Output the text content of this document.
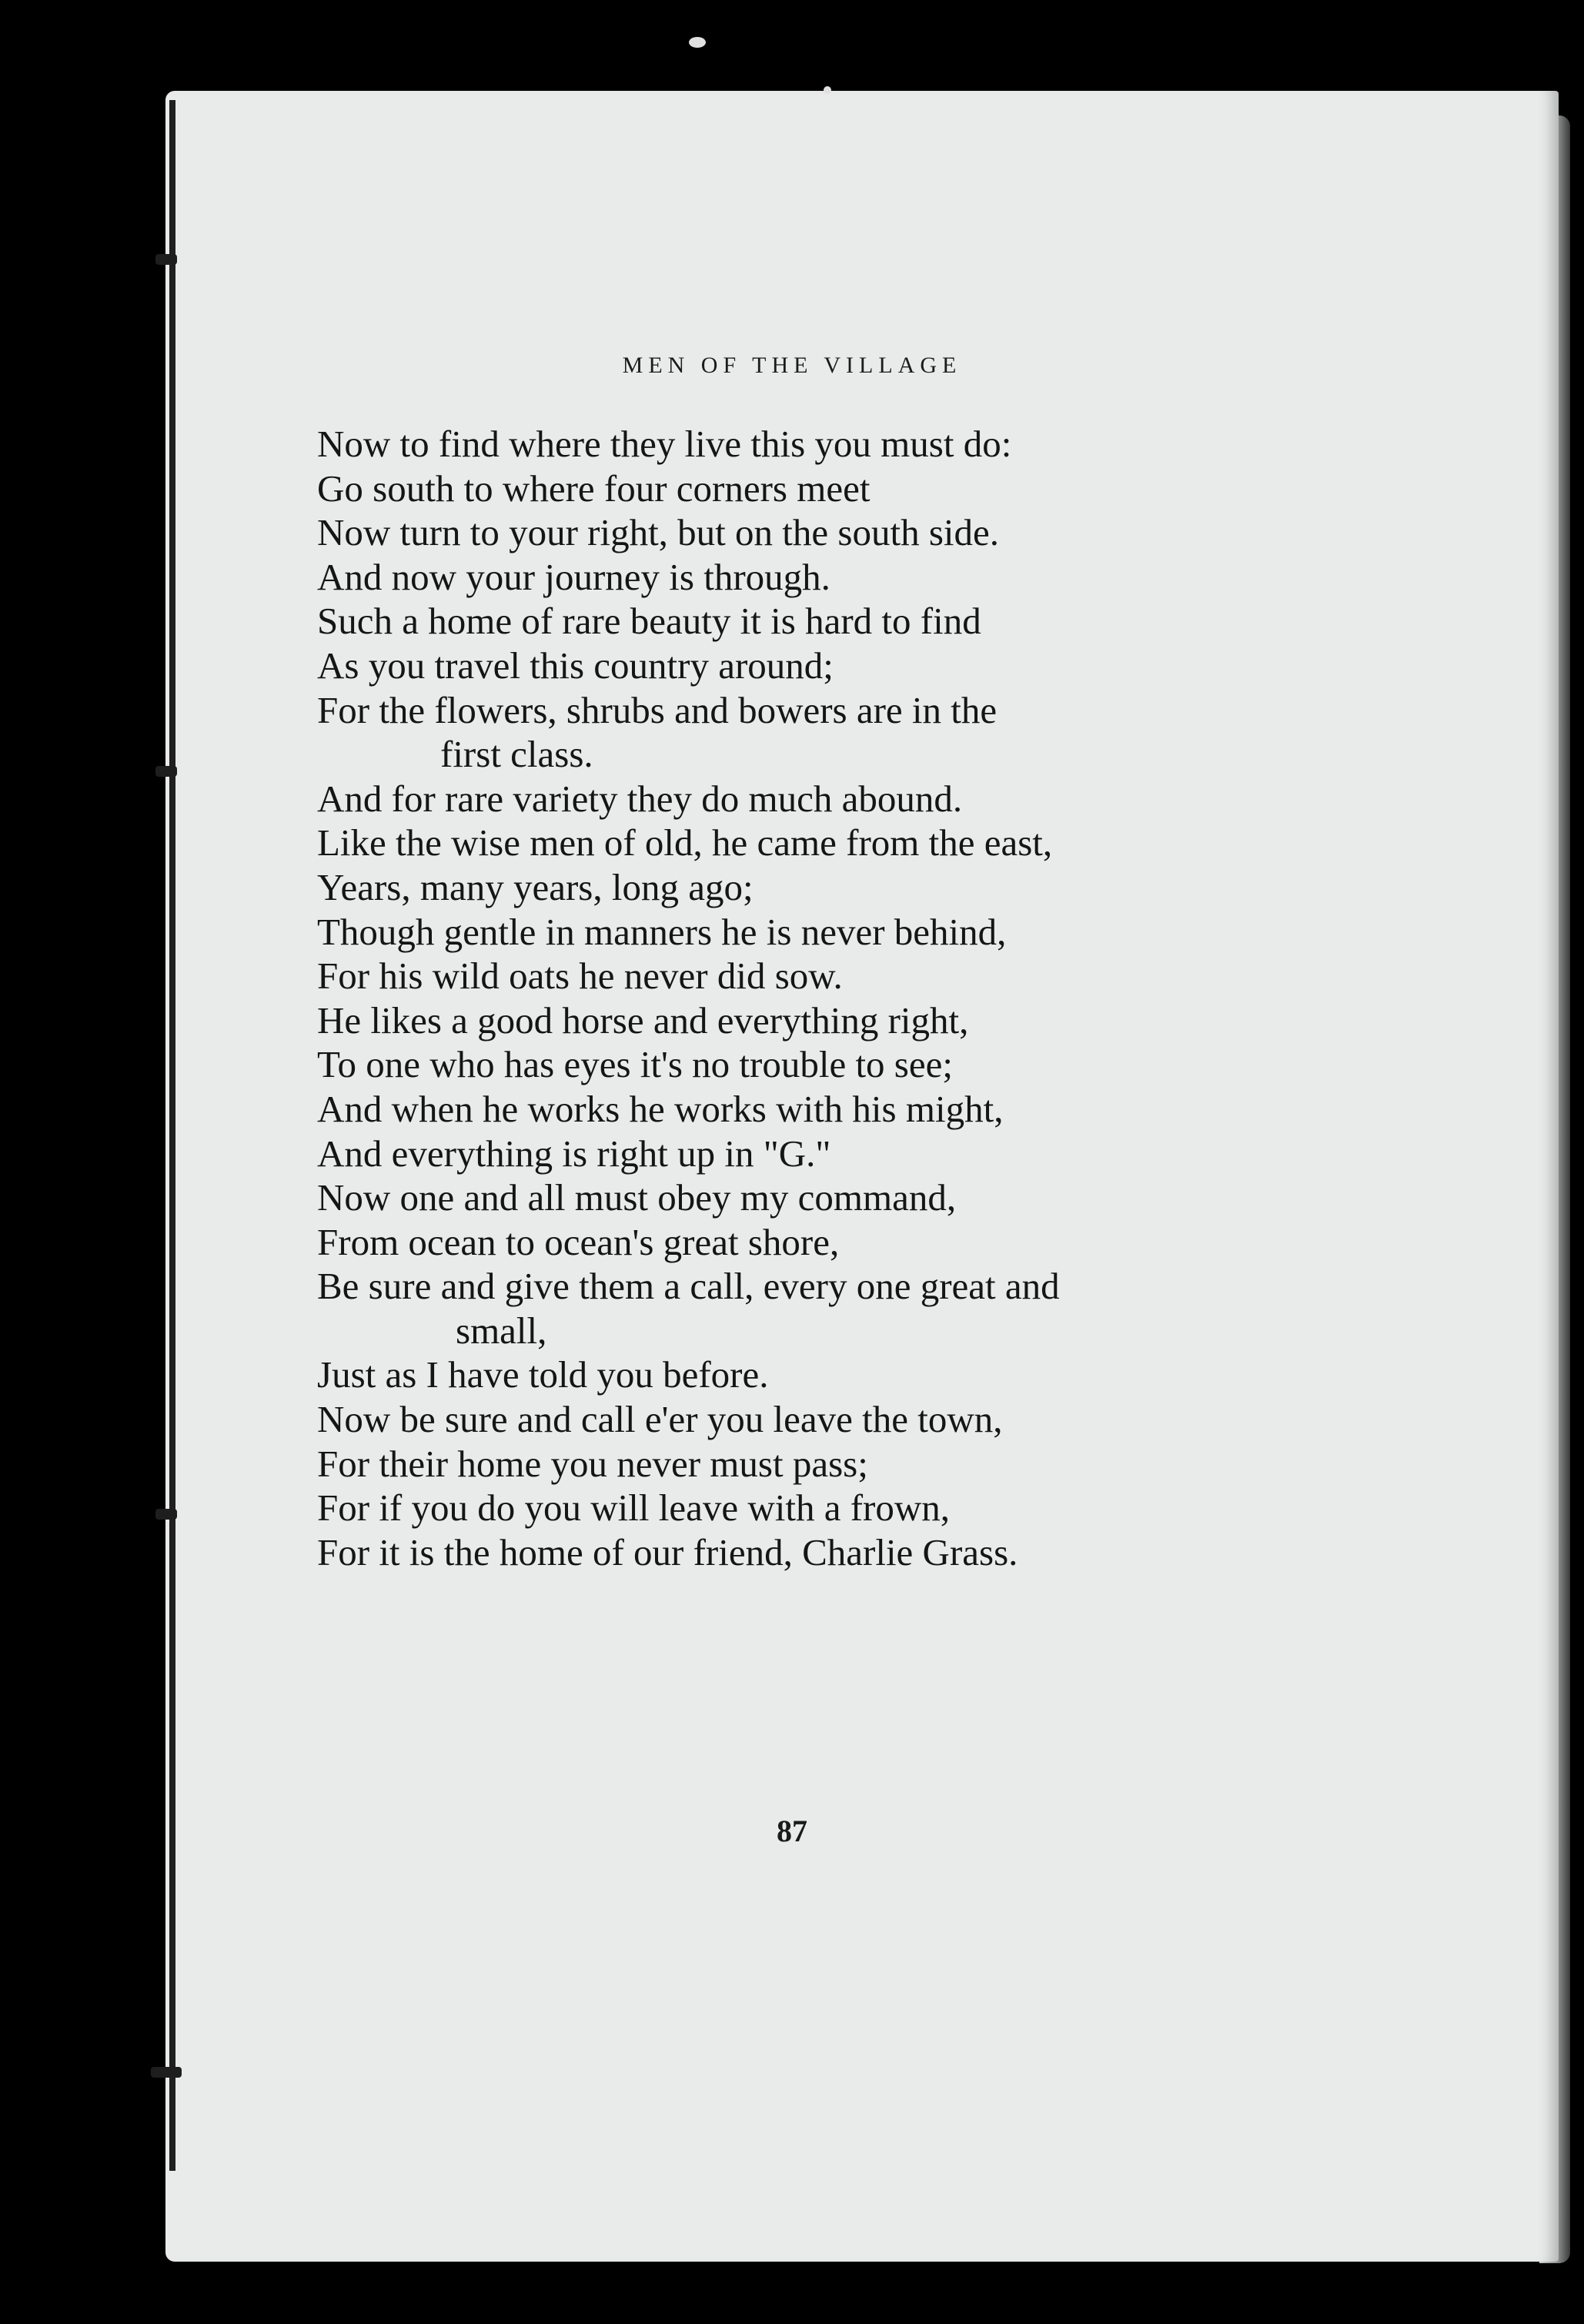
MEN OF THE VILLAGE
Now to find where they live this you must do:
Go south to where four corners meet
Now turn to your right, but on the south side.
And now your journey is through.
Such a home of rare beauty it is hard to find
As you travel this country around;
For the flowers, shrubs and bowers are in the
first class.
And for rare variety they do much abound.
Like the wise men of old, he came from the east,
Years, many years, long ago;
Though gentle in manners he is never behind,
For his wild oats he never did sow.
He likes a good horse and everything right,
To one who has eyes it's no trouble to see;
And when he works he works with his might,
And everything is right up in "G."
Now one and all must obey my command,
From ocean to ocean's great shore,
Be sure and give them a call, every one great and
small,
Just as I have told you before.
Now be sure and call e'er you leave the town,
For their home you never must pass;
For if you do you will leave with a frown,
For it is the home of our friend, Charlie Grass.
87
